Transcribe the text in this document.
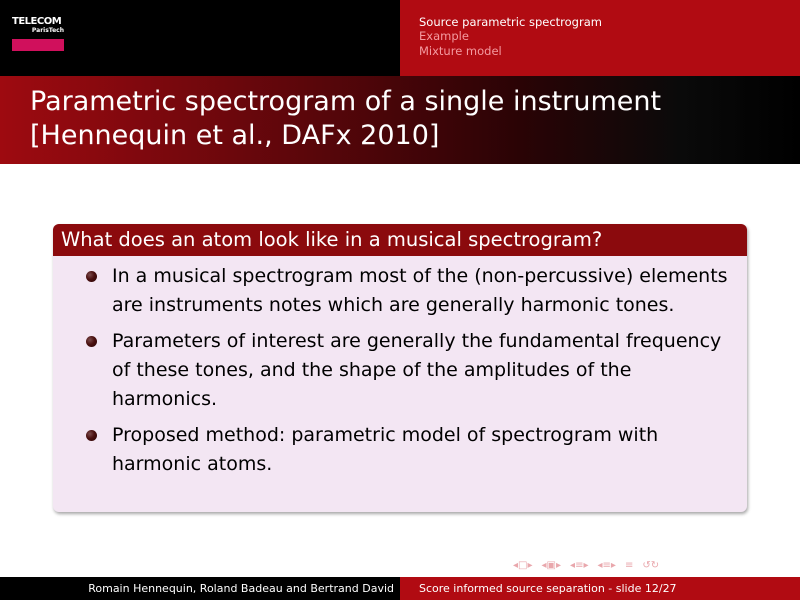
TELECOM
ParisTech
Source parametric spectrogram
Example
Mixture model
Parametric spectrogram of a single instrument [Hennequin et al., DAFx 2010]
What does an atom look like in a musical spectrogram?
In a musical spectrogram most of the (non-percussive) elements are instruments notes which are generally harmonic tones.
Parameters of interest are generally the fundamental frequency of these tones, and the shape of the amplitudes of the harmonics.
Proposed method: parametric model of spectrogram with harmonic atoms.
◂ □ ▸ ◂ ▣ ▸ ◂ ≡ ▸ ◂ ≡ ▸ ≡ ↺ ↻
Romain Hennequin, Roland Badeau and Bertrand David Score informed source separation - slide 12/27
